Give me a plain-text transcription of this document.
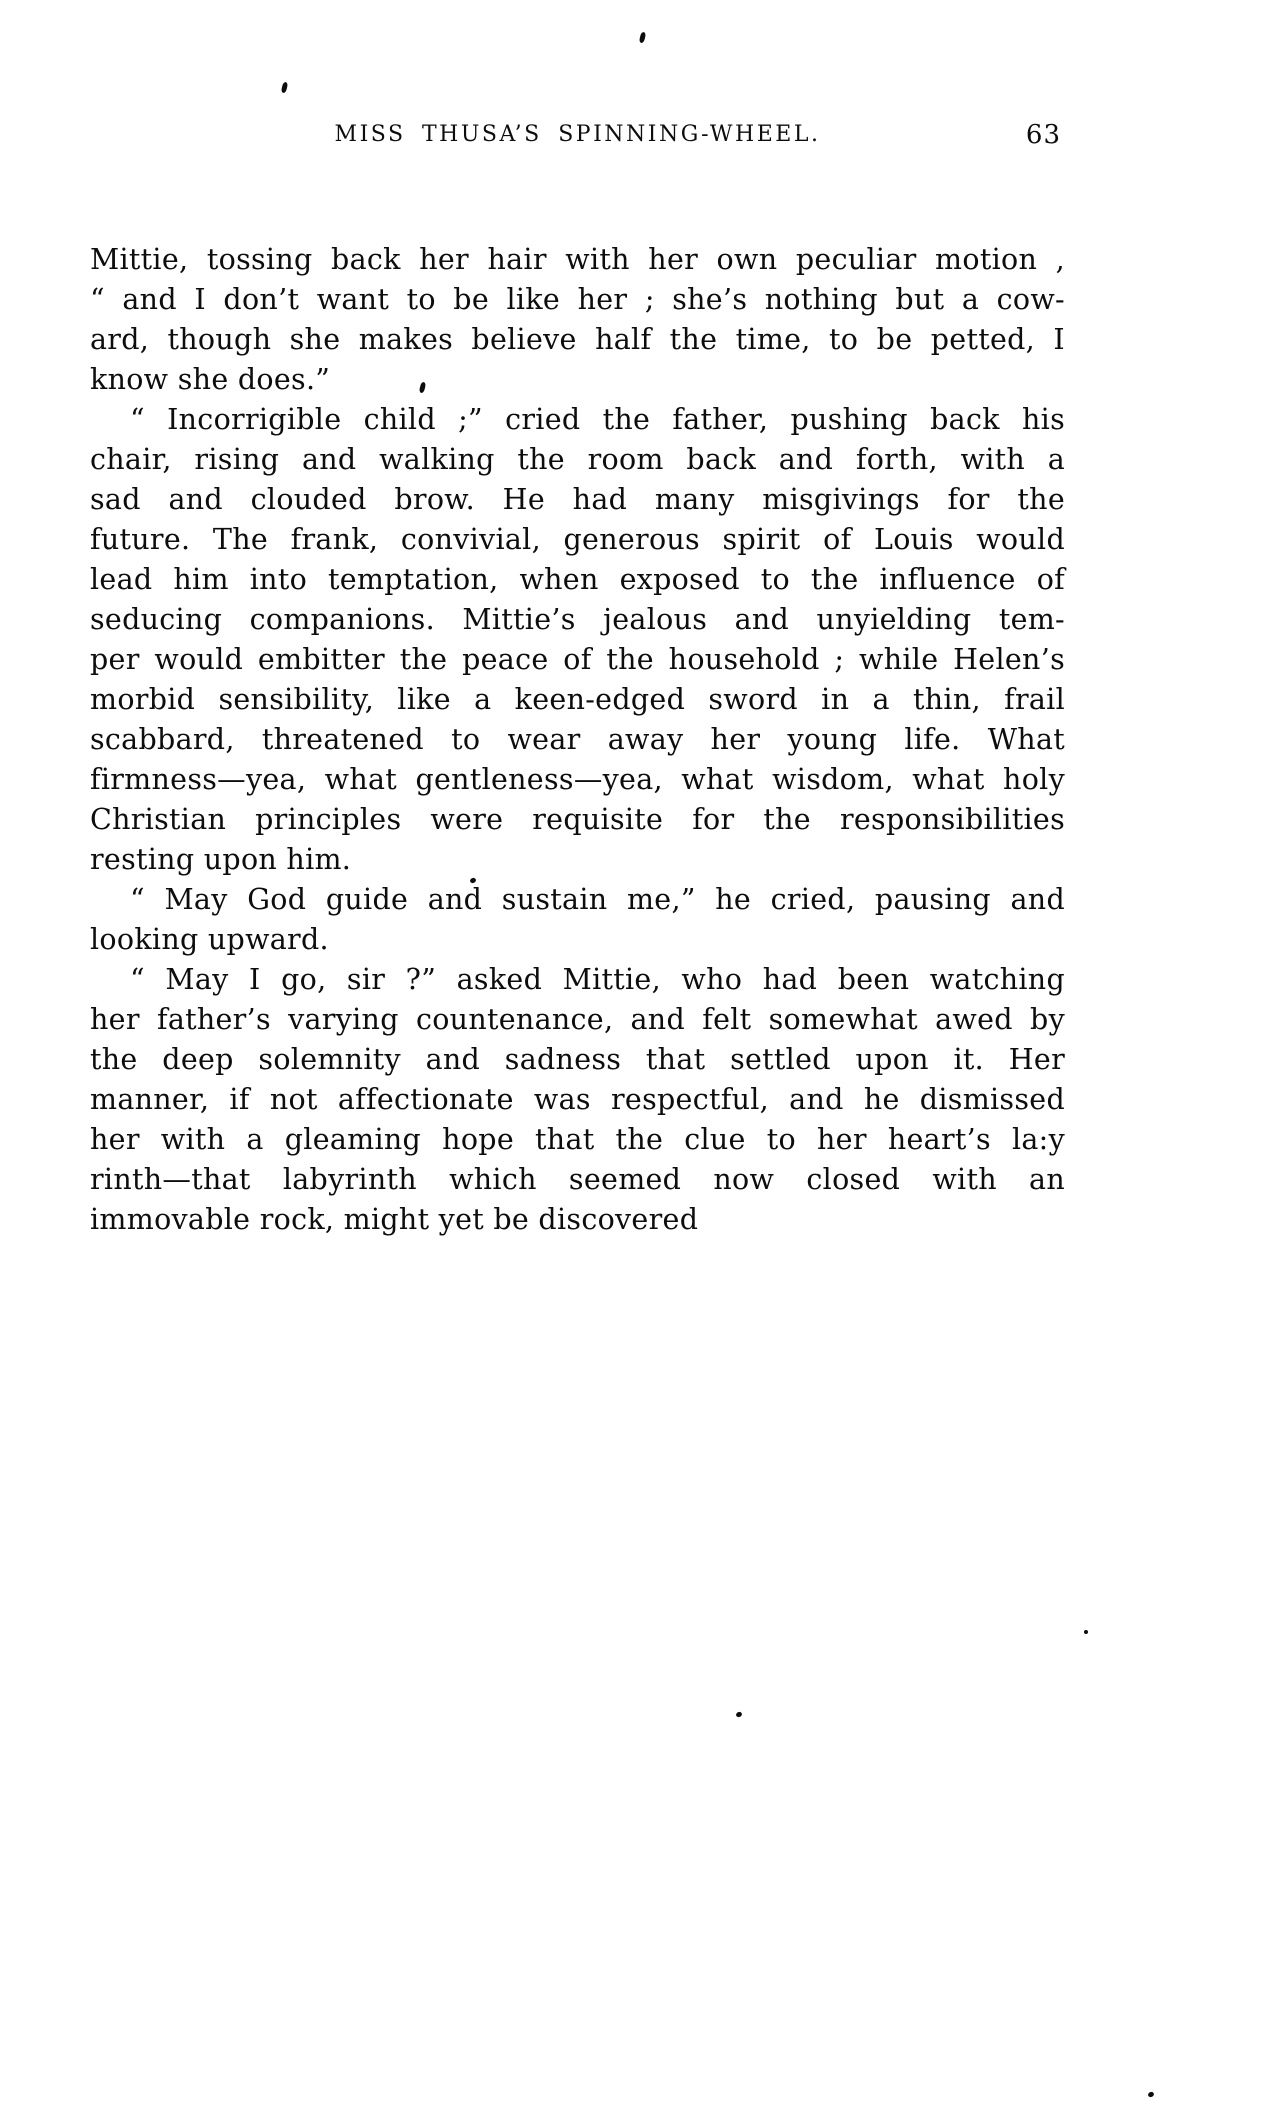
MISS THUSA’S SPINNING-WHEEL.	63
Mittie, tossing back her hair with her own peculiar motion ,
“ and I don’t want to be like her ; she’s nothing but a cow-
ard, though she makes believe half the time, to be petted, I
know she does.”
“ Incorrigible child ;” cried the father, pushing back his
chair, rising and walking the room back and forth, with a
sad and clouded brow. He had many misgivings for the
future. The frank, convivial, generous spirit of Louis would
lead him into temptation, when exposed to the influence of
seducing companions. Mittie’s jealous and unyielding tem-
per would embitter the peace of the household ; while Helen’s
morbid sensibility, like a keen-edged sword in a thin, frail
scabbard, threatened to wear away her young life. What
firmness—yea, what gentleness—yea, what wisdom, what holy
Christian principles were requisite for the responsibilities
resting upon him.
“ May God guide and sustain me,” he cried, pausing and
looking upward.
“ May I go, sir ?” asked Mittie, who had been watching
her father’s varying countenance, and felt somewhat awed by
the deep solemnity and sadness that settled upon it. Her
manner, if not affectionate was respectful, and he dismissed
her with a gleaming hope that the clue to her heart’s la:y
rinth—that labyrinth which seemed now closed with an
immovable rock, might yet be discovered
